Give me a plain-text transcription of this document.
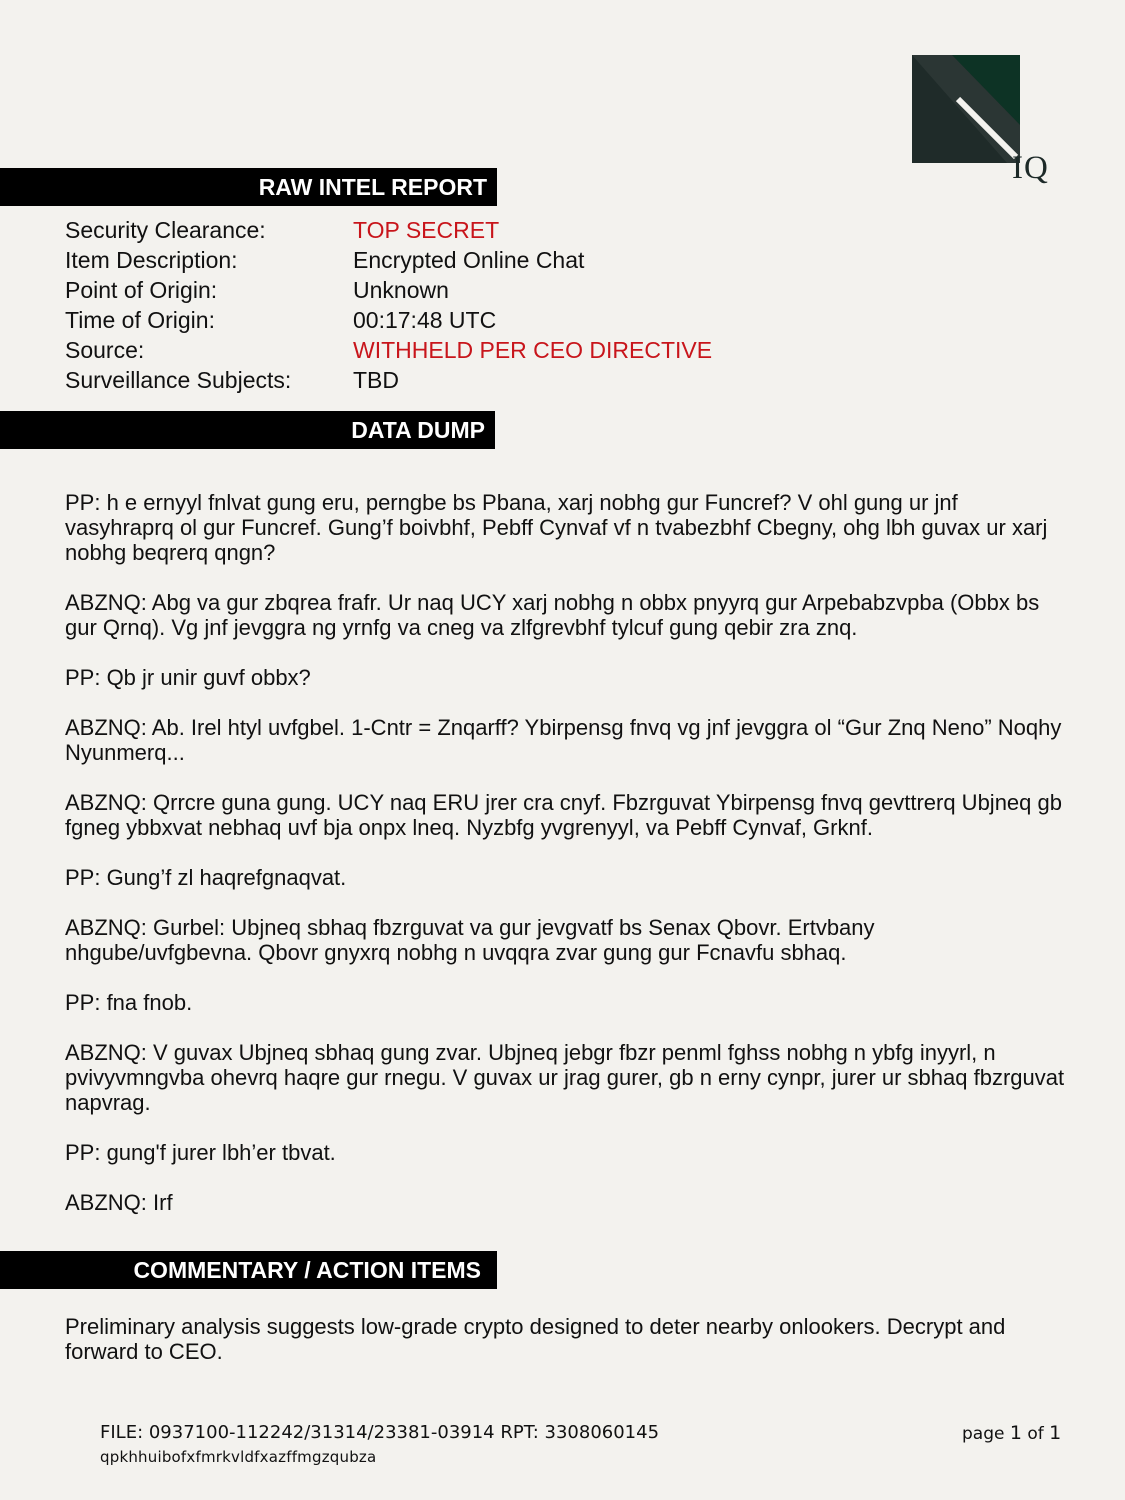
IQ
RAW INTEL REPORT
Security Clearance:	TOP SECRET
Item Description:	Encrypted Online Chat
Point of Origin:	Unknown
Time of Origin:	00:17:48 UTC
Source:	WITHHELD PER CEO DIRECTIVE
Surveillance Subjects:	TBD
DATA DUMP

PP: h e ernyyl fnlvat gung eru, perngbe bs Pbana, xarj nobhg gur Funcref? V ohl gung ur jnf vasyhraprq ol gur Funcref. Gung’f boivbhf, Pebff Cynvaf vf n tvabezbhf Cbegny, ohg lbh guvax ur xarj nobhg beqrerq qngn?

ABZNQ: Abg va gur zbqrea frafr. Ur naq UCY xarj nobhg n obbx pnyyrq gur Arpebabzvpba (Obbx bs gur Qrnq). Vg jnf jevggra ng yrnfg va cneg va zlfgrevbhf tylcuf gung qebir zra znq.

PP: Qb jr unir guvf obbx?

ABZNQ: Ab. Irel htyl uvfgbel. 1-Cntr = Znqarff? Ybirpensg fnvq vg jnf jevggra ol “Gur Znq Neno” Noqhy Nyunmerq...

ABZNQ: Qrrcre guna gung. UCY naq ERU jrer cra cnyf. Fbzrguvat Ybirpensg fnvq gevttrerq Ubjneq gb fgneg ybbxvat nebhaq uvf bja onpx lneq. Nyzbfg yvgrenyyl, va Pebff Cynvaf, Grknf.

PP: Gung’f zl haqrefgnaqvat.

ABZNQ: Gurbel: Ubjneq sbhaq fbzrguvat va gur jevgvatf bs Senax Qbovr. Ertvbany nhgube/uvfgbevna. Qbovr gnyxrq nobhg n uvqqra zvar gung gur Fcnavfu sbhaq.

PP: fna fnob.

ABZNQ: V guvax Ubjneq sbhaq gung zvar. Ubjneq jebgr fbzr penml fghss nobhg n ybfg inyyrl, n pvivyvmngvba ohevrq haqre gur rnegu. V guvax ur jrag gurer, gb n erny cynpr, jurer ur sbhaq fbzrguvat napvrag.

PP: gung'f jurer lbh’er tbvat.

ABZNQ: Irf

COMMENTARY / ACTION ITEMS
Preliminary analysis suggests low-grade crypto designed to deter nearby onlookers. Decrypt and forward to CEO.
FILE: 0937100-112242/31314/23381-03914 RPT: 3308060145
qpkhhuibofxfmrkvldfxazffmgzqubza
page 1 of 1
